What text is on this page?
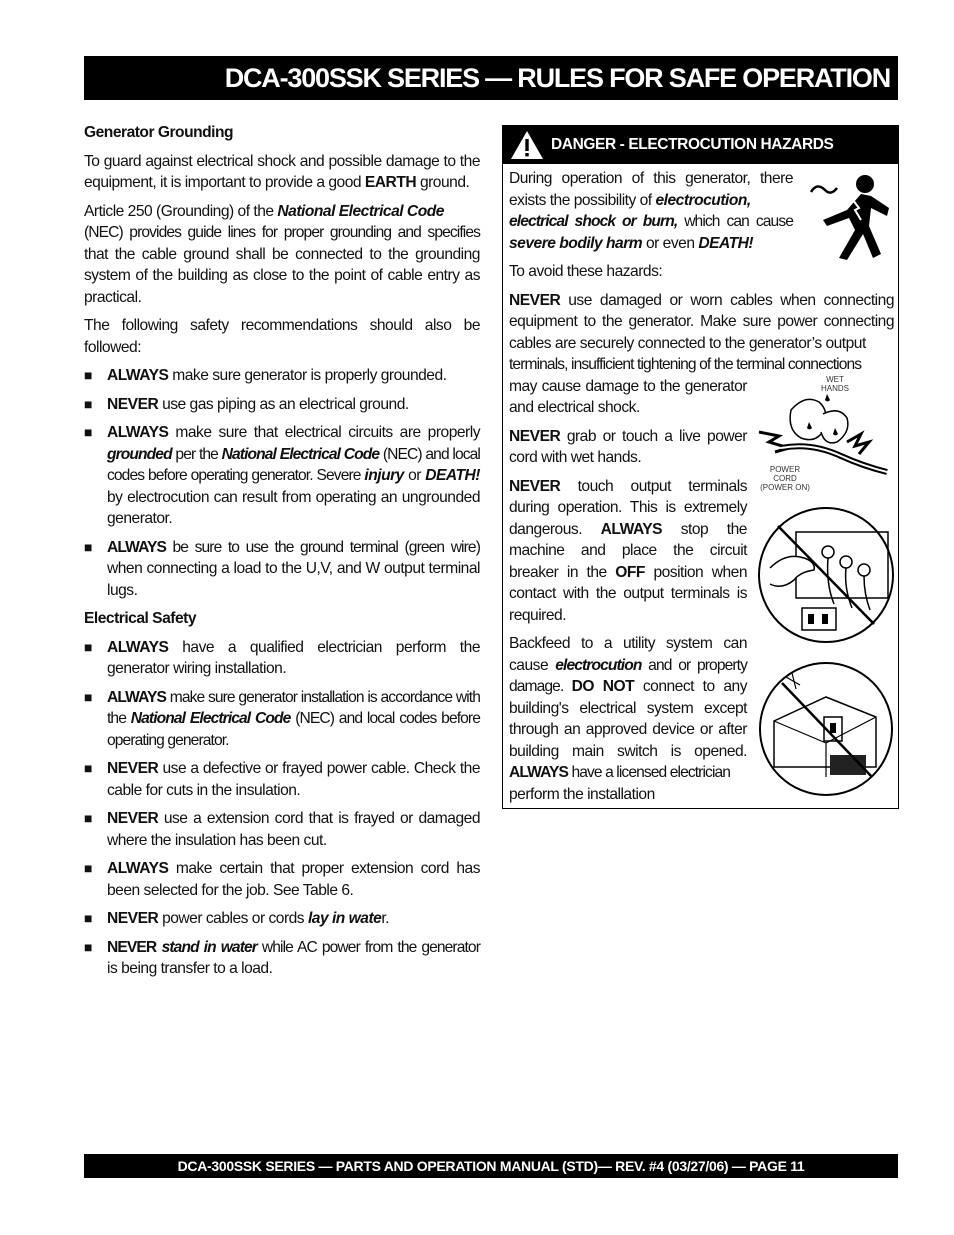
DCA-300SSK SERIES — RULES FOR SAFE OPERATION
Generator Grounding

To guard against electrical shock and possible damage to the equipment, it is important to provide a good EARTH ground.

Article 250 (Grounding) of the National Electrical Code
(NEC) provides guide lines for proper grounding and specifies that the cable ground shall be connected to the grounding system of the building as close to the point of cable entry as practical.

The following safety recommendations should also be followed:

■ ALWAYS make sure generator is properly grounded.
■ NEVER use gas piping as an electrical ground.
■ ALWAYS make sure that electrical circuits are properly grounded per the National Electrical Code (NEC) and local codes before operating generator. Severe injury or DEATH! by electrocution can result from operating an ungrounded generator.
■ ALWAYS be sure to use the ground terminal (green wire) when connecting a load to the U,V, and W output terminal lugs.
Electrical Safety
■ ALWAYS have a qualified electrician perform the generator wiring installation.
■ ALWAYS make sure generator installation is accordance with the National Electrical Code (NEC) and local codes before operating generator.
■ NEVER use a defective or frayed power cable. Check the cable for cuts in the insulation.
■ NEVER use a extension cord that is frayed or damaged where the insulation has been cut.
■ ALWAYS make certain that proper extension cord has been selected for the job. See Table 6.
■ NEVER power cables or cords lay in water.
■ NEVER stand in water while AC power from the generator is being transfer to a load.
DANGER - ELECTROCUTION HAZARDS
WET
HANDS
POWER
CORD
(POWER ON)

During operation of this generator, there exists the possibility of electrocution,
electrical shock or burn, which can cause severe bodily harm or even DEATH!

To avoid these hazards:

NEVER use damaged or worn cables when connecting equipment to the generator. Make sure power connecting cables are securely connected to the generator’s output
terminals, insufficient tightening of the terminal connections

may cause damage to the generator and electrical shock.

NEVER grab or touch a live power cord with wet hands.

NEVER touch output terminals during operation. This is extremely dangerous. ALWAYS stop the machine and place the circuit breaker in the OFF position when contact with the output terminals is required.

Backfeed to a utility system can cause electrocution and or property damage. DO NOT connect to any building's electrical system except through an approved device or after building main switch is opened. ALWAYS have a licensed electrician
perform the installation

DCA-300SSK SERIES — PARTS AND OPERATION MANUAL (STD)— REV. #4 (03/27/06) — PAGE 11
